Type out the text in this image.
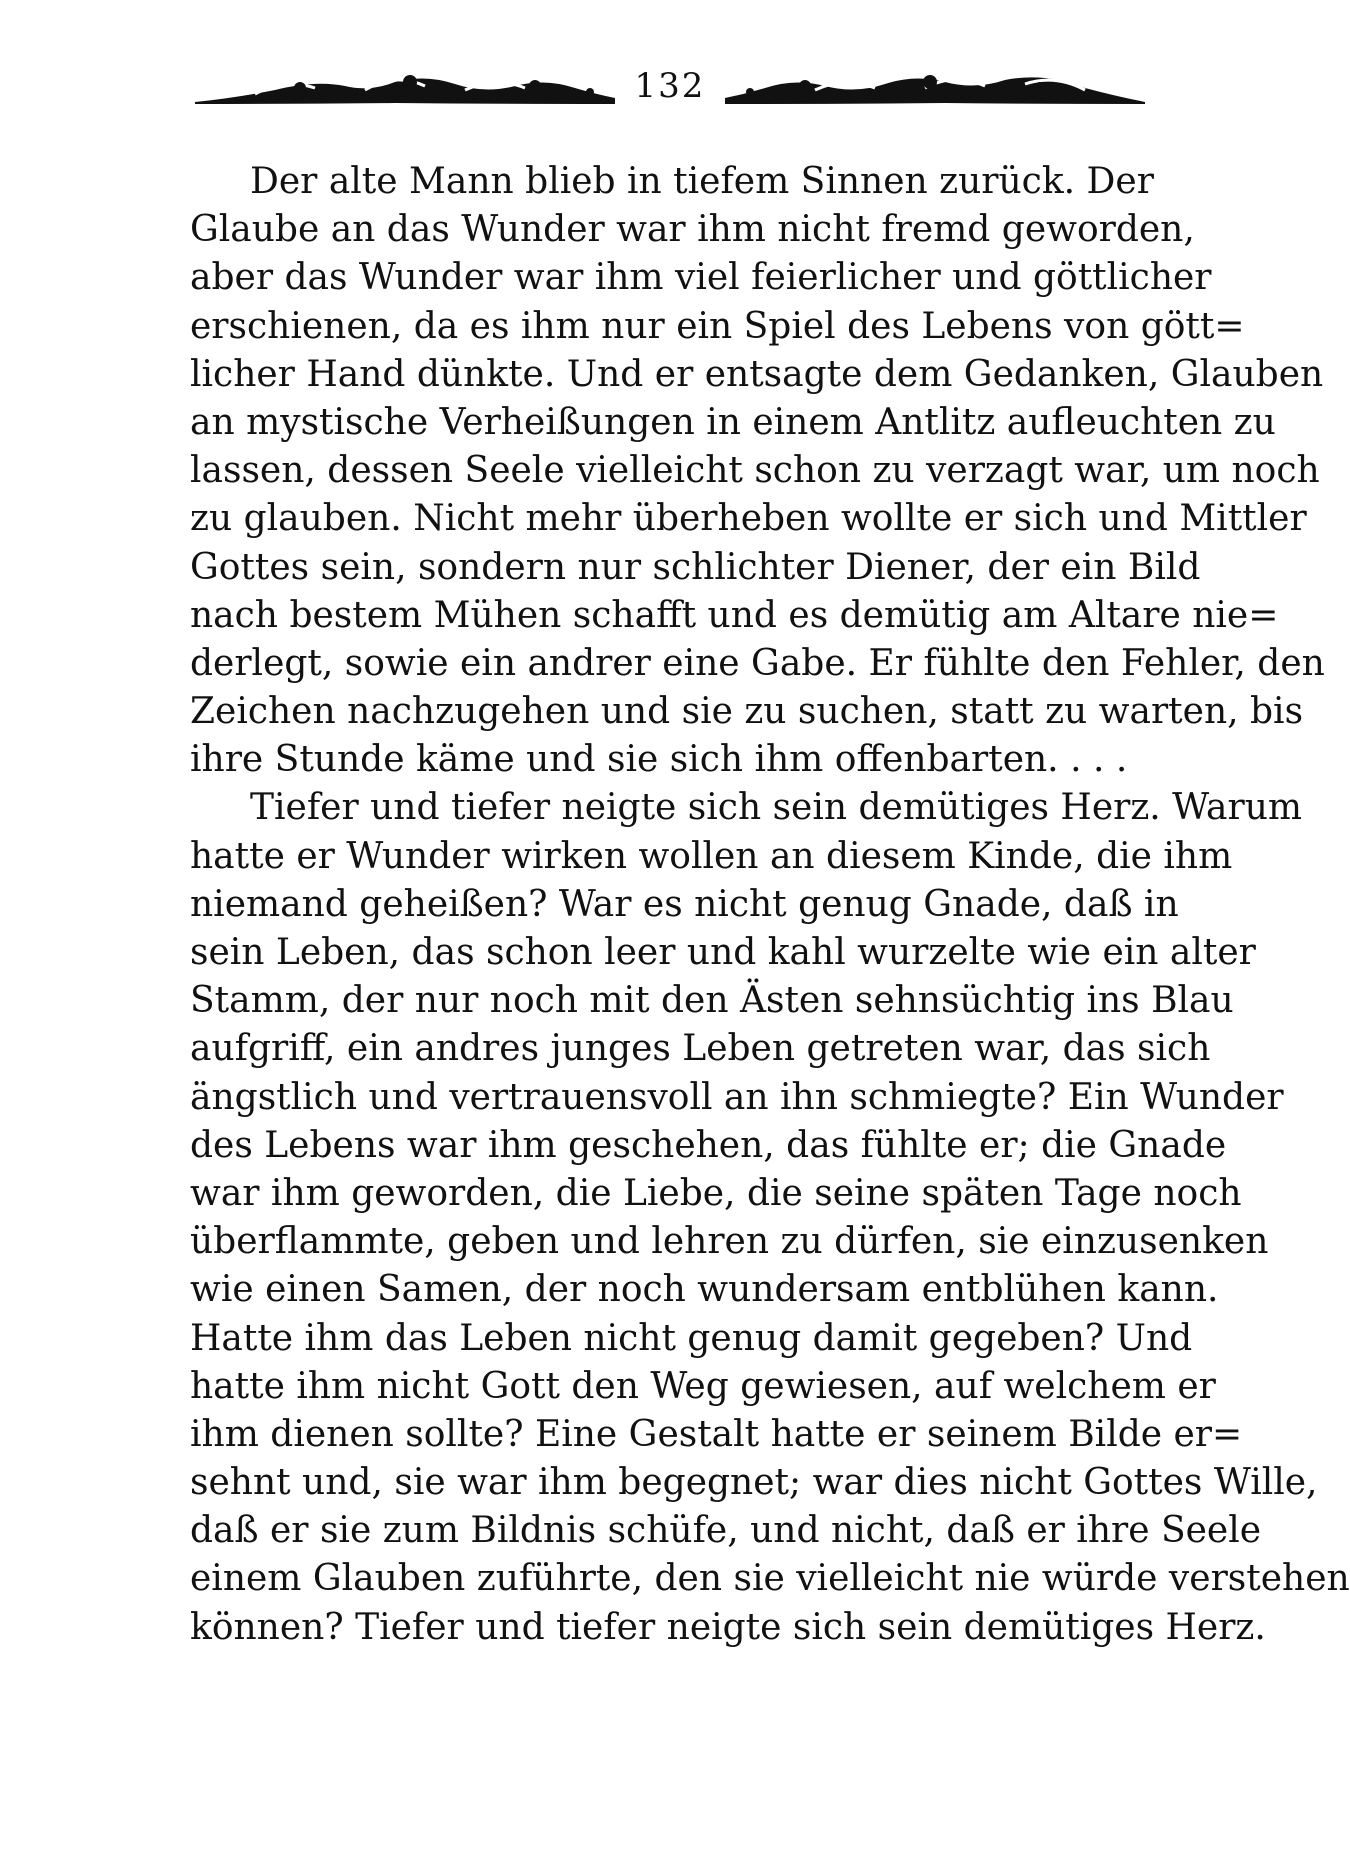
132
Der alte Mann blieb in tiefem Sinnen zurück. Der
Glaube an das Wunder war ihm nicht fremd geworden,
aber das Wunder war ihm viel feierlicher und göttlicher
erschienen, da es ihm nur ein Spiel des Lebens von gött=
licher Hand dünkte. Und er entsagte dem Gedanken, Glauben
an mystische Verheißungen in einem Antlitz aufleuchten zu
lassen, dessen Seele vielleicht schon zu verzagt war, um noch
zu glauben. Nicht mehr überheben wollte er sich und Mittler
Gottes sein, sondern nur schlichter Diener, der ein Bild
nach bestem Mühen schafft und es demütig am Altare nie=
derlegt, sowie ein andrer eine Gabe. Er fühlte den Fehler, den
Zeichen nachzugehen und sie zu suchen, statt zu warten, bis
ihre Stunde käme und sie sich ihm offenbarten. . . .
Tiefer und tiefer neigte sich sein demütiges Herz. Warum
hatte er Wunder wirken wollen an diesem Kinde, die ihm
niemand geheißen? War es nicht genug Gnade, daß in
sein Leben, das schon leer und kahl wurzelte wie ein alter
Stamm, der nur noch mit den Ästen sehnsüchtig ins Blau
aufgriff, ein andres junges Leben getreten war, das sich
ängstlich und vertrauensvoll an ihn schmiegte? Ein Wunder
des Lebens war ihm geschehen, das fühlte er; die Gnade
war ihm geworden, die Liebe, die seine späten Tage noch
überflammte, geben und lehren zu dürfen, sie einzusenken
wie einen Samen, der noch wundersam entblühen kann.
Hatte ihm das Leben nicht genug damit gegeben? Und
hatte ihm nicht Gott den Weg gewiesen, auf welchem er
ihm dienen sollte? Eine Gestalt hatte er seinem Bilde er=
sehnt und, sie war ihm begegnet; war dies nicht Gottes Wille,
daß er sie zum Bildnis schüfe, und nicht, daß er ihre Seele
einem Glauben zuführte, den sie vielleicht nie würde verstehen
können? Tiefer und tiefer neigte sich sein demütiges Herz.
